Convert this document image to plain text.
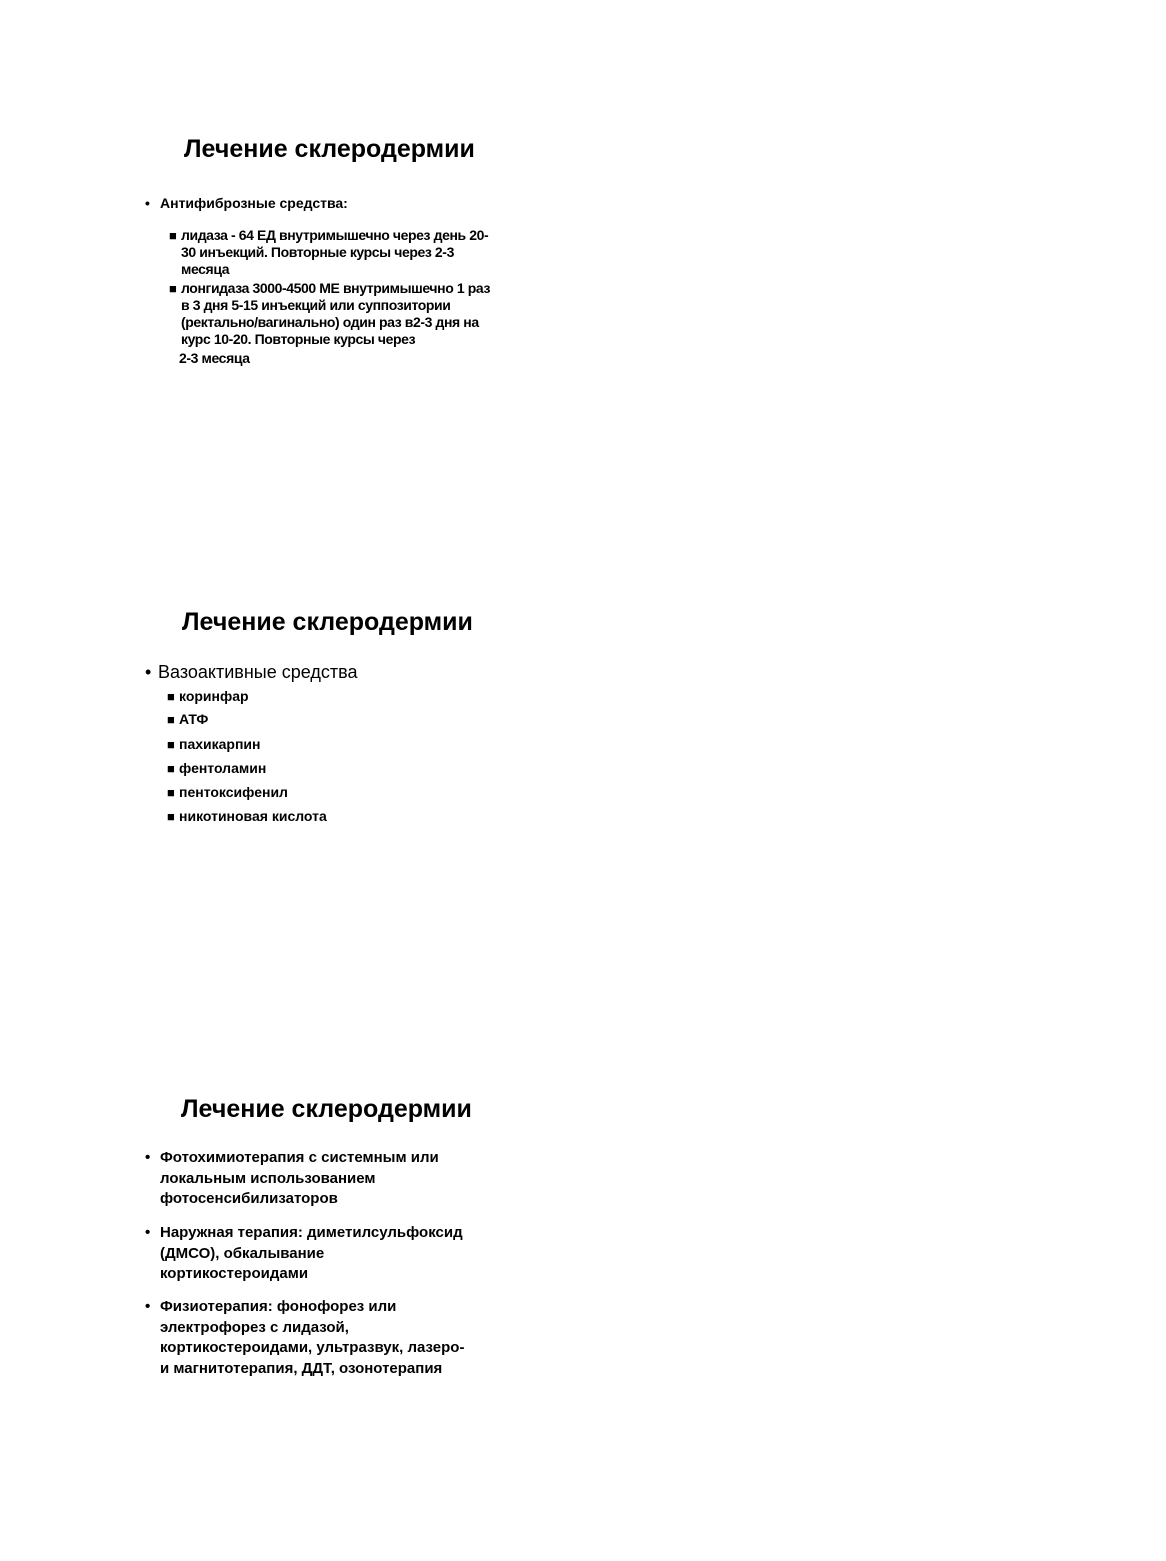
Лечение склеродермии
• Антифиброзные средства:
■ лидаза - 64 ЕД внутримышечно через день 20-
30 инъекций. Повторные курсы через 2-3
месяца
■ лонгидаза 3000-4500 МЕ внутримышечно 1 раз
в 3 дня 5-15 инъекций или суппозитории
(ректально/вагинально) один раз в2-3 дня на
курс 10-20. Повторные курсы через
2-3 месяца
Лечение склеродермии
• Вазоактивные средства
■ коринфар
■ АТФ
■ пахикарпин
■ фентоламин
■ пентоксифенил
■ никотиновая кислота
Лечение склеродермии
• Фотохимиотерапия с системным или
локальным использованием
фотосенсибилизаторов
• Наружная терапия: диметилсульфоксид
(ДМСО), обкалывание
кортикостероидами
• Физиотерапия: фонофорез или
электрофорез с лидазой,
кортикостероидами, ультразвук, лазеро-
и магнитотерапия, ДДТ, озонотерапия
